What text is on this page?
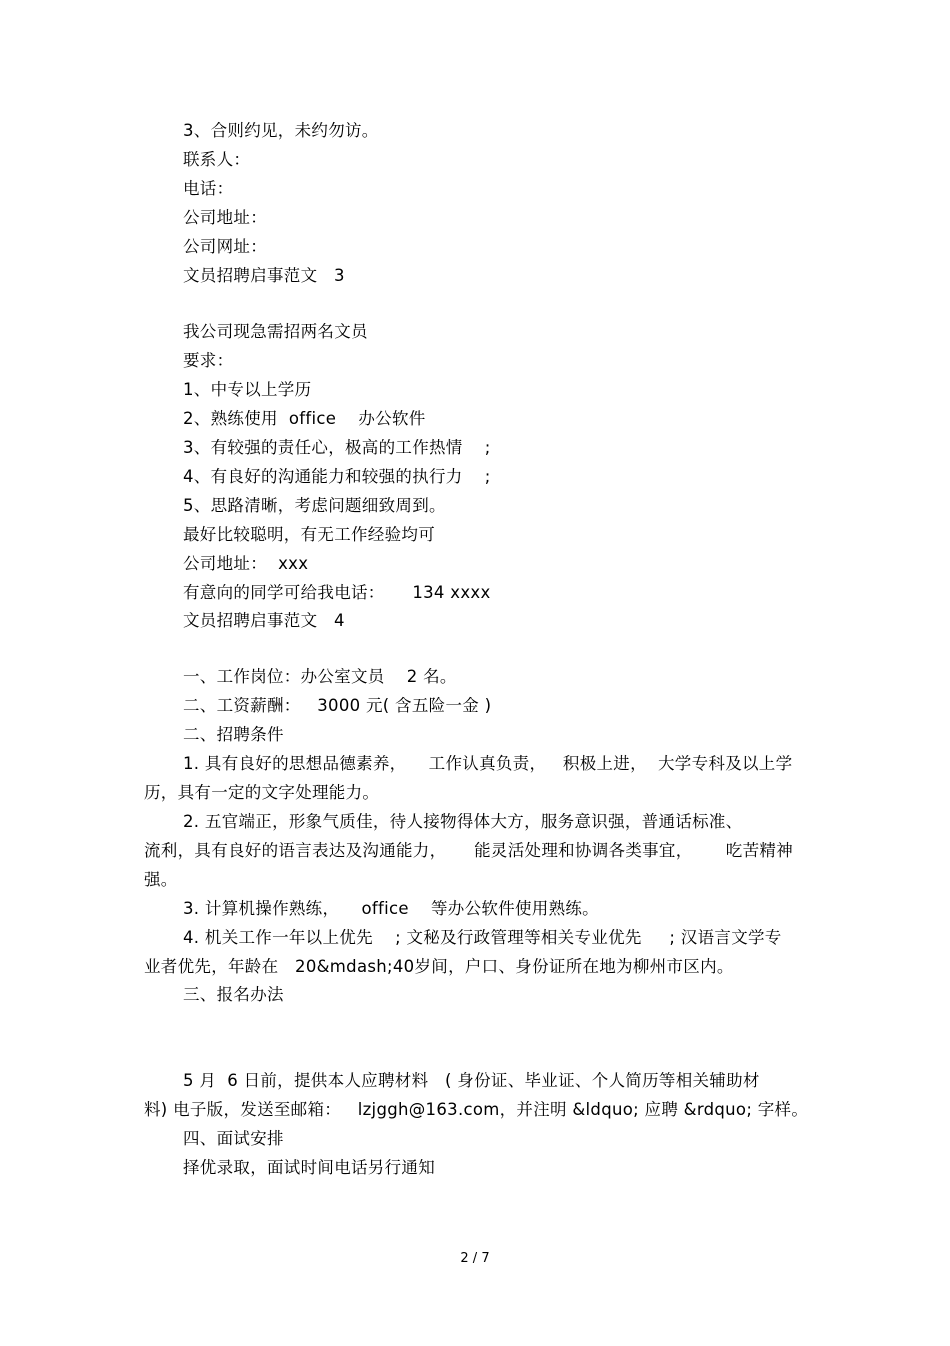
3、合则约见，未约勿访。
联系人：
电话：
公司地址：
公司网址：
文员招聘启事范文   3
我公司现急需招两名文员
要求：
1、中专以上学历
2、熟练使用  office    办公软件
3、有较强的责任心，极高的工作热情    ;
4、有良好的沟通能力和较强的执行力    ;
5、思路清晰，考虑问题细致周到。
最好比较聪明，有无工作经验均可
公司地址：  xxx
有意向的同学可给我电话：     134 xxxx
文员招聘启事范文   4
一、工作岗位：办公室文员    2 名。
二、工资薪酬：   3000 元( 含五险一金 )
二、招聘条件
1. 具有良好的思想品德素养，    工作认真负责，   积极上进，  大学专科及以上学
历，具有一定的文字处理能力。
2. 五官端正，形象气质佳，待人接物得体大方，服务意识强，普通话标准、
流利，具有良好的语言表达及沟通能力，     能灵活处理和协调各类事宜，      吃苦精神
强。
3. 计算机操作熟练，    office    等办公软件使用熟练。
4. 机关工作一年以上优先    ; 文秘及行政管理等相关专业优先     ; 汉语言文学专
业者优先，年龄在   20&mdash;40岁间，户口、身份证所在地为柳州市区内。
三、报名办法
5 月  6 日前，提供本人应聘材料   ( 身份证、毕业证、个人简历等相关辅助材
料) 电子版，发送至邮箱：   lzjggh@163.com，并注明 &ldquo; 应聘 &rdquo; 字样。
四、面试安排
择优录取，面试时间电话另行通知
2 / 7
